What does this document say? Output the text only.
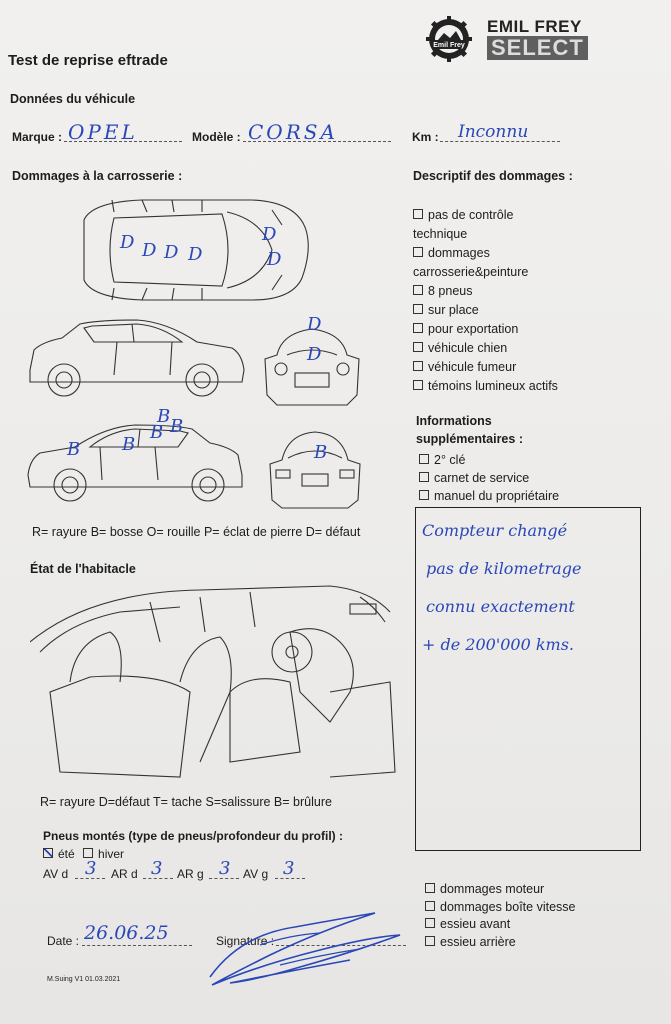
Test de reprise eftrade
Emil Frey
EMIL FREY
SELECT
Données du véhicule
Marque : OPEL	Modèle : CORSA	Km : Inconnu
Dommages à la carrosserie :
D D D D
D
D
B
B
B B
D
D
B	B
R= rayure B= bosse O= rouille P= éclat de pierre D= défaut
Descriptif des dommages :
pas de contrôle technique
dommages carrosserie&peinture
8 pneus
sur place
pour exportation
véhicule chien
véhicule fumeur
témoins lumineux actifs
Informations
supplémentaires :
2° clé
carnet de service
manuel du propriétaire
Compteur changé
pas de kilometrage
connu exactement
+ de 200'000 kms.
État de l'habitacle
R= rayure D=défaut T= tache S=salissure B= brûlure
Pneus montés (type de pneus/profondeur du profil) :
été hiver
AV d 3 AR d 3 AR g 3 AV g 3
dommages moteur
dommages boîte vitesse
essieu avant
essieu arrière
Date : 26.06.25	Signature :
M.Suing V1 01.03.2021
